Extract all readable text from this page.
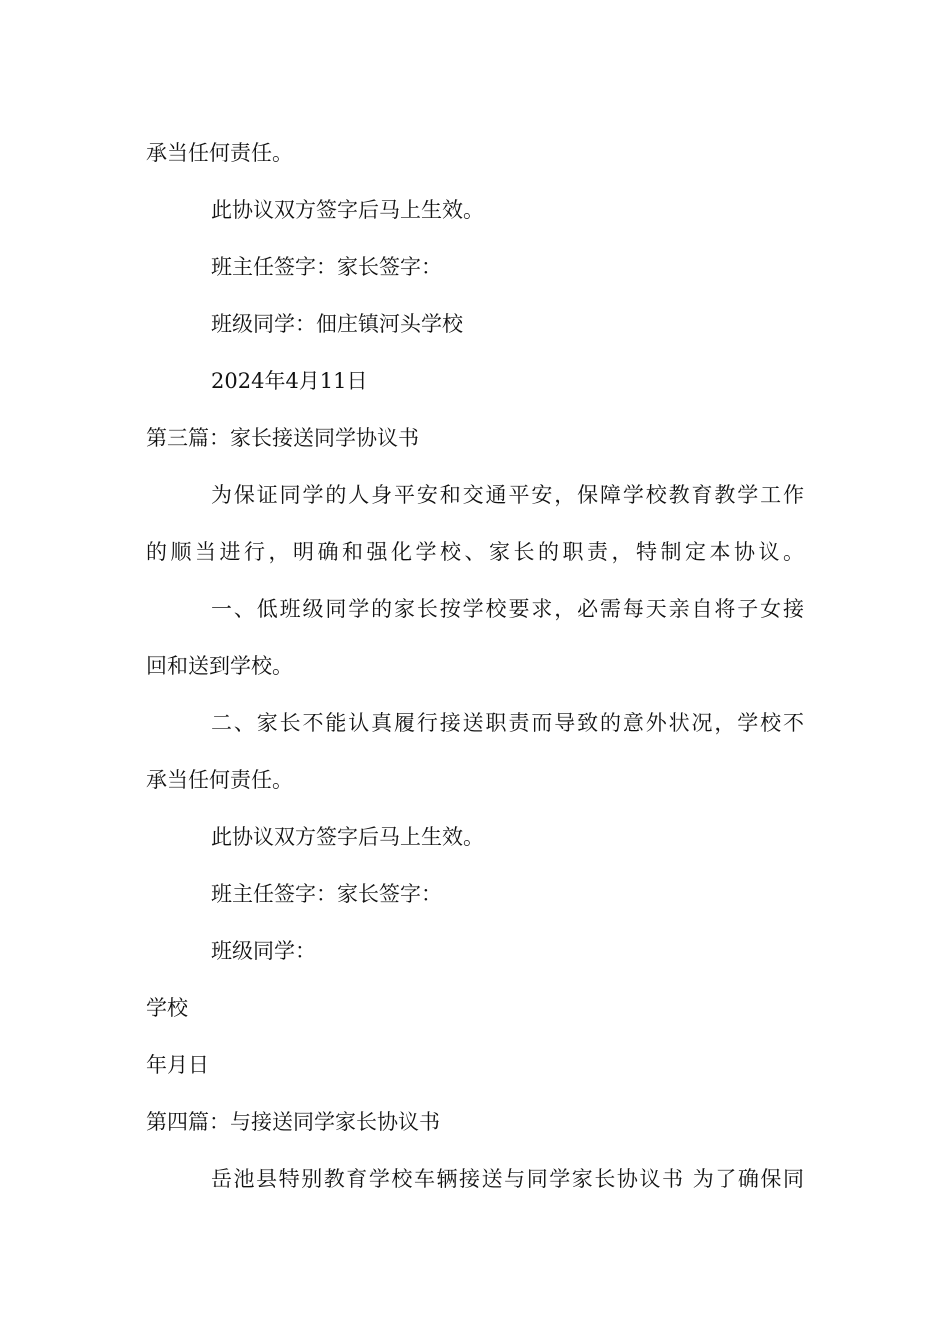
承当任何责任。
此协议双方签字后马上生效。
班主任签字：家长签字：
班级同学：佃庄镇河头学校
2024年4月11日
第三篇：家长接送同学协议书
为保证同学的人身平安和交通平安，保障学校教育教学工作
的顺当进行，明确和强化学校、家长的职责，特制定本协议。
一、低班级同学的家长按学校要求，必需每天亲自将子女接
回和送到学校。
二、家长不能认真履行接送职责而导致的意外状况，学校不
承当任何责任。
此协议双方签字后马上生效。
班主任签字：家长签字：
班级同学：
学校
年月日
第四篇：与接送同学家长协议书
岳池县特别教育学校车辆接送与同学家长协议书 为了确保同
